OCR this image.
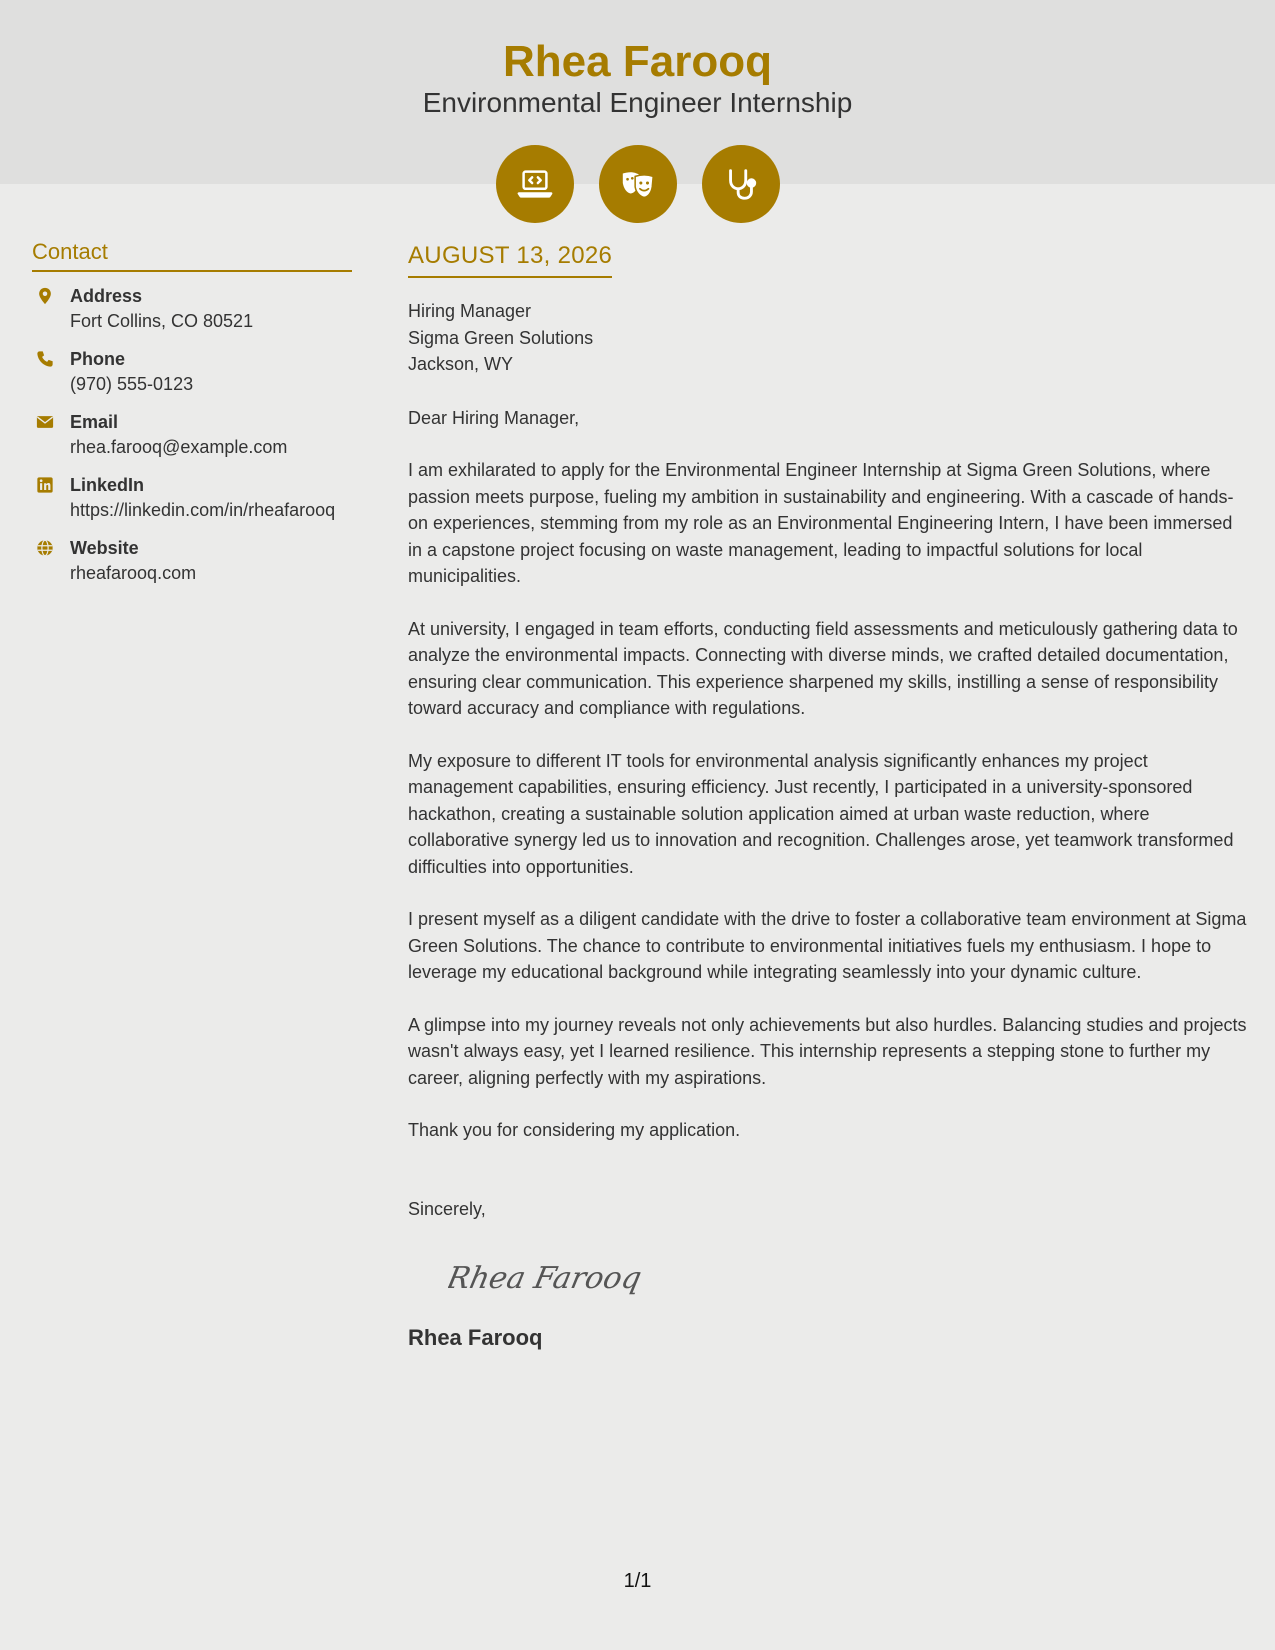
Rhea Farooq
Environmental Engineer Internship
Contact
Address
Fort Collins, CO 80521
Phone
(970) 555-0123
Email
rhea.farooq@example.com
LinkedIn
https://linkedin.com/in/rheafarooq
Website
rheafarooq.com
AUGUST 13, 2026
Hiring Manager
Sigma Green Solutions
Jackson, WY
Dear Hiring Manager,
I am exhilarated to apply for the Environmental Engineer Internship at Sigma Green Solutions, where passion meets purpose, fueling my ambition in sustainability and engineering. With a cascade of hands-on experiences, stemming from my role as an Environmental Engineering Intern, I have been immersed in a capstone project focusing on waste management, leading to impactful solutions for local municipalities.
At university, I engaged in team efforts, conducting field assessments and meticulously gathering data to analyze the environmental impacts. Connecting with diverse minds, we crafted detailed documentation, ensuring clear communication. This experience sharpened my skills, instilling a sense of responsibility toward accuracy and compliance with regulations.
My exposure to different IT tools for environmental analysis significantly enhances my project management capabilities, ensuring efficiency. Just recently, I participated in a university-sponsored hackathon, creating a sustainable solution application aimed at urban waste reduction, where collaborative synergy led us to innovation and recognition. Challenges arose, yet teamwork transformed difficulties into opportunities.
I present myself as a diligent candidate with the drive to foster a collaborative team environment at Sigma Green Solutions. The chance to contribute to environmental initiatives fuels my enthusiasm. I hope to leverage my educational background while integrating seamlessly into your dynamic culture.
A glimpse into my journey reveals not only achievements but also hurdles. Balancing studies and projects wasn't always easy, yet I learned resilience. This internship represents a stepping stone to further my career, aligning perfectly with my aspirations.
Thank you for considering my application.
Sincerely,
Rhea Farooq
Rhea Farooq
1/1
